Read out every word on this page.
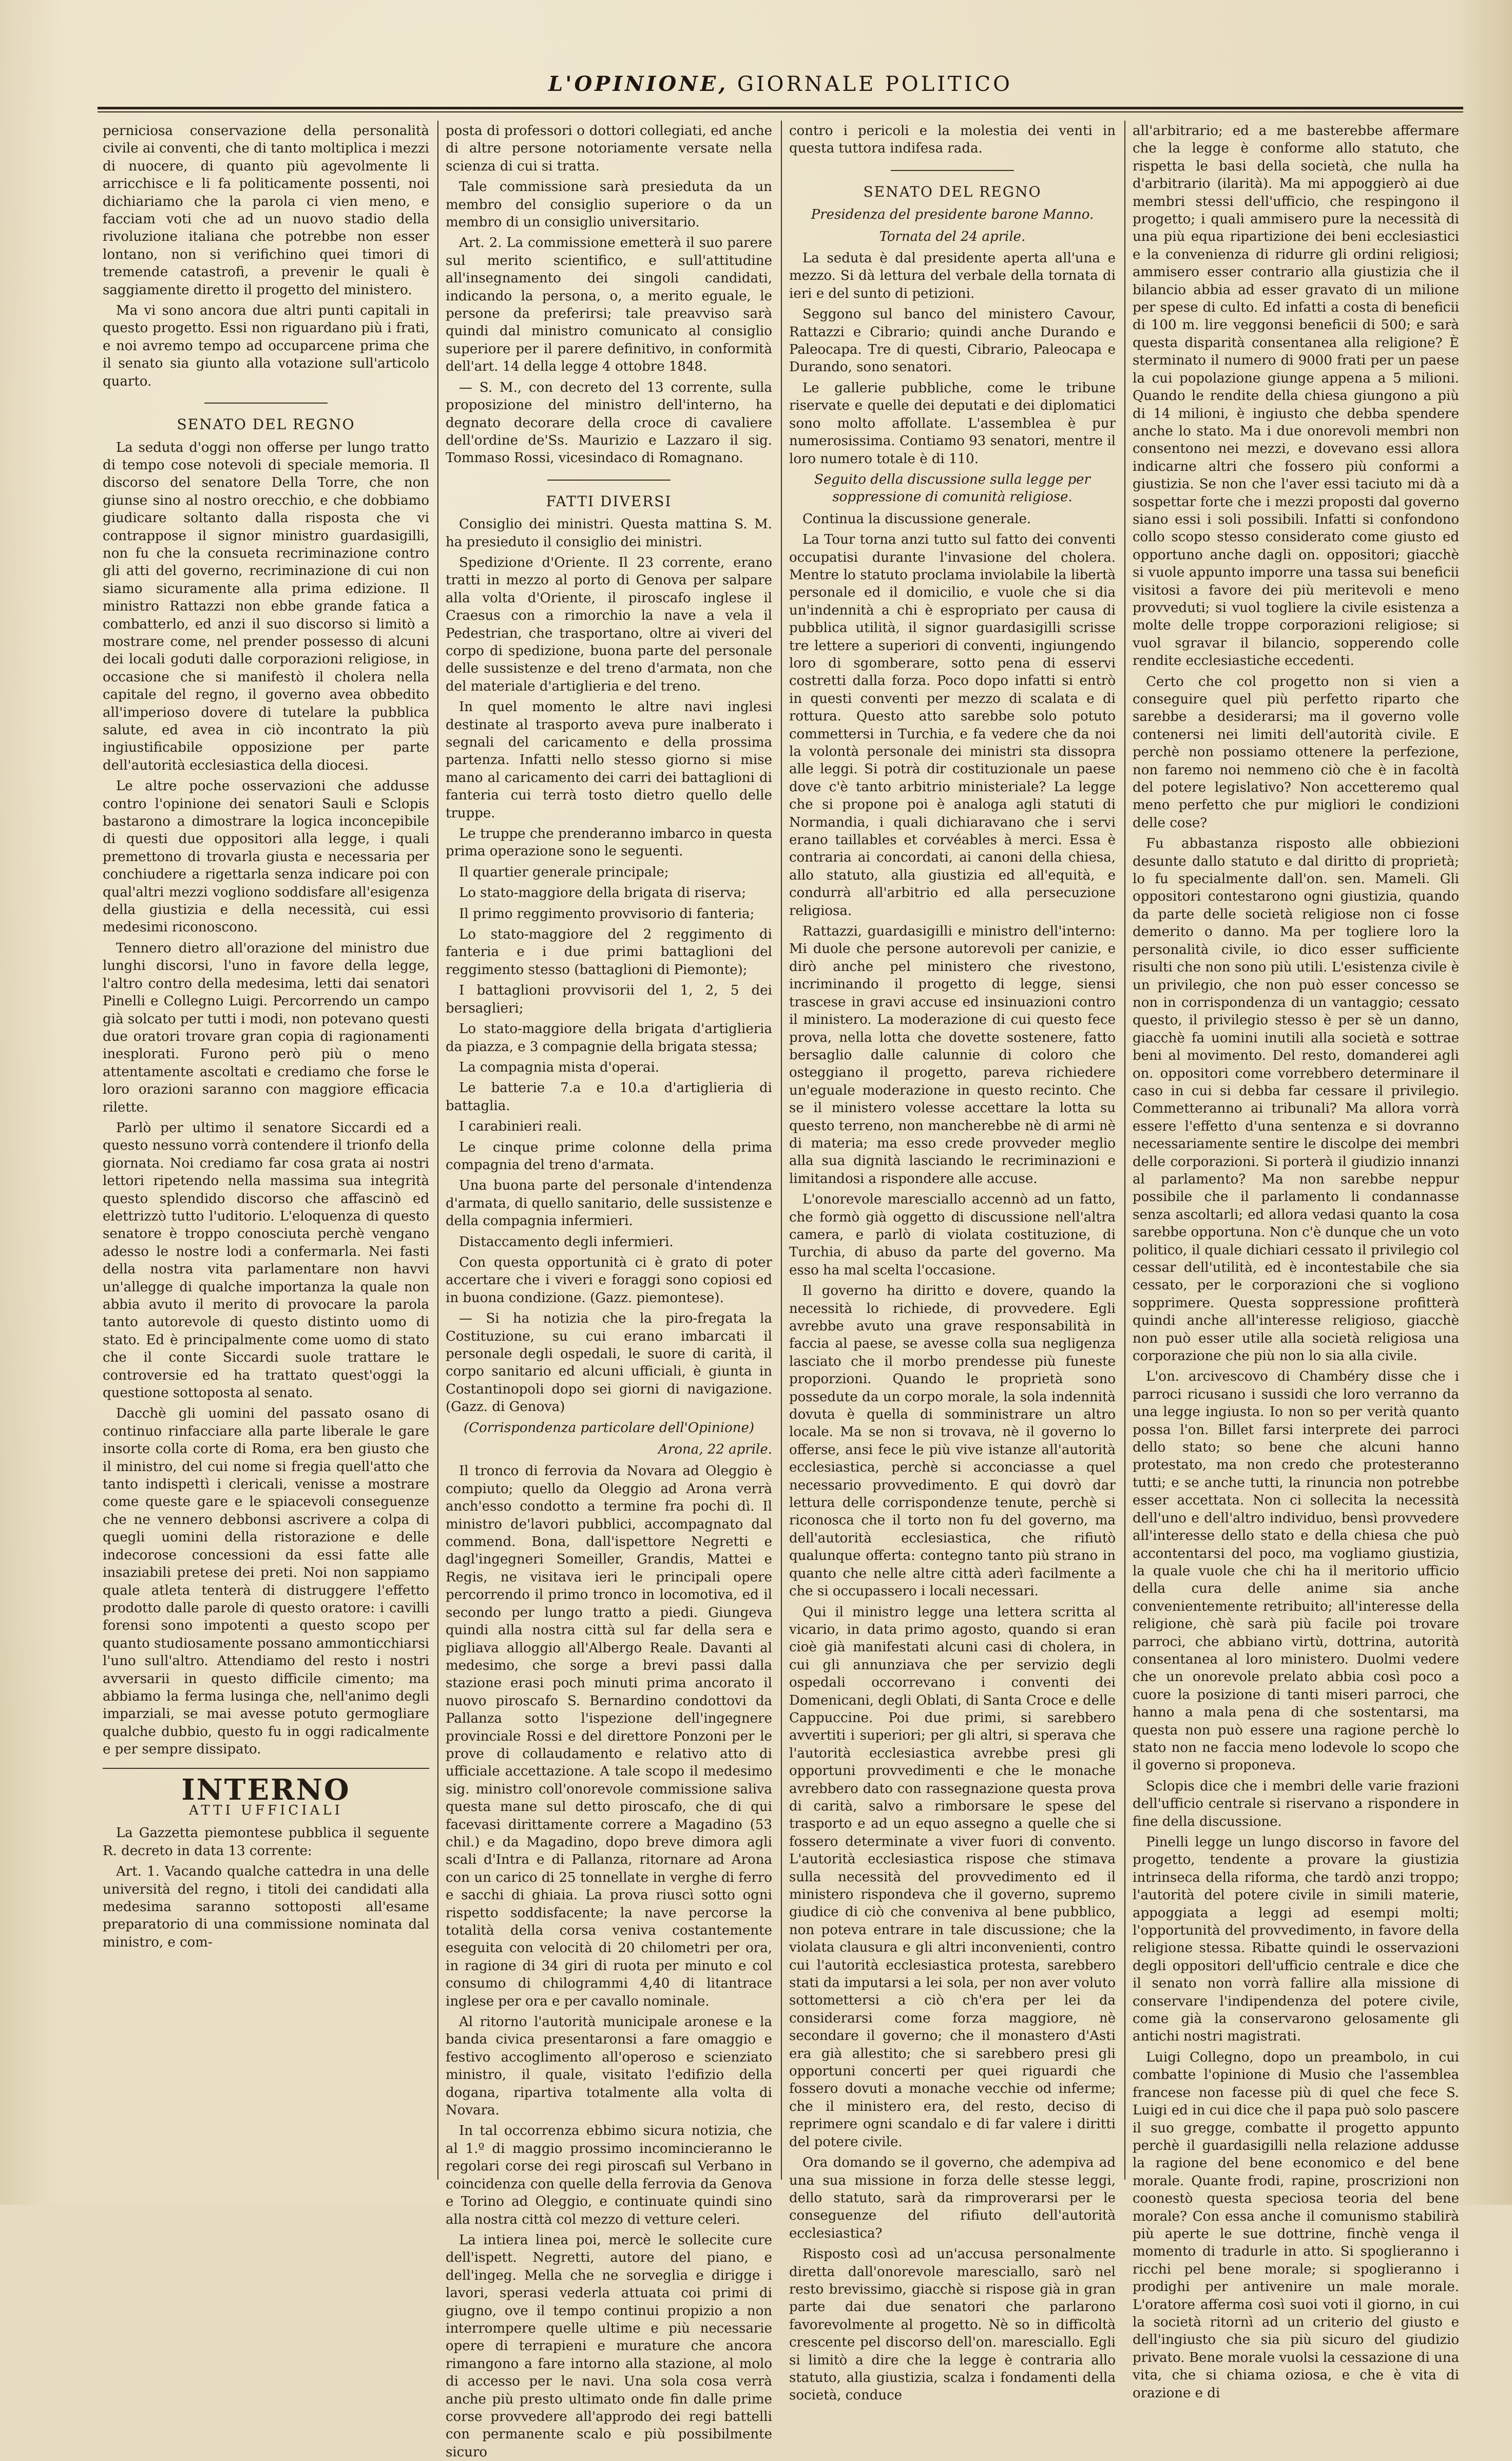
L'OPINIONE, GIORNALE POLITICO

perniciosa conservazione della personalità civile ai conventi, che di tanto moltiplica i mezzi di nuocere, di quanto più agevolmente li arricchisce e li fa politicamente possenti, noi dichiariamo che la parola ci vien meno, e facciam voti che ad un nuovo stadio della rivoluzione italiana che potrebbe non esser lontano, non si verifichino quei timori di tremende catastrofi, a prevenir le quali è saggiamente diretto il progetto del ministero.

Ma vi sono ancora due altri punti capitali in questo progetto. Essi non riguardano più i frati, e noi avremo tempo ad occuparcene prima che il senato sia giunto alla votazione sull'articolo quarto.

SENATO DEL REGNO

La seduta d'oggi non offerse per lungo tratto di tempo cose notevoli di speciale memoria. Il discorso del senatore Della Torre, che non giunse sino al nostro orecchio, e che dobbiamo giudicare soltanto dalla risposta che vi contrappose il signor ministro guardasigilli, non fu che la consueta recriminazione contro gli atti del governo, recriminazione di cui non siamo sicuramente alla prima edizione. Il ministro Rattazzi non ebbe grande fatica a combatterlo, ed anzi il suo discorso si limitò a mostrare come, nel prender possesso di alcuni dei locali goduti dalle corporazioni religiose, in occasione che si manifestò il cholera nella capitale del regno, il governo avea obbedito all'imperioso dovere di tutelare la pubblica salute, ed avea in ciò incontrato la più ingiustificabile opposizione per parte dell'autorità ecclesiastica della diocesi.

Le altre poche osservazioni che addusse contro l'opinione dei senatori Sauli e Sclopis bastarono a dimostrare la logica inconcepibile di questi due oppositori alla legge, i quali premettono di trovarla giusta e necessaria per conchiudere a rigettarla senza indicare poi con qual'altri mezzi vogliono soddisfare all'esigenza della giustizia e della necessità, cui essi medesimi riconoscono.

Tennero dietro all'orazione del ministro due lunghi discorsi, l'uno in favore della legge, l'altro contro della medesima, letti dai senatori Pinelli e Collegno Luigi. Percorrendo un campo già solcato per tutti i modi, non potevano questi due oratori trovare gran copia di ragionamenti inesplorati. Furono però più o meno attentamente ascoltati e crediamo che forse le loro orazioni saranno con maggiore efficacia rilette.

Parlò per ultimo il senatore Siccardi ed a questo nessuno vorrà contendere il trionfo della giornata. Noi crediamo far cosa grata ai nostri lettori ripetendo nella massima sua integrità questo splendido discorso che affascinò ed elettrizzò tutto l'uditorio. L'eloquenza di questo senatore è troppo conosciuta perchè vengano adesso le nostre lodi a confermarla. Nei fasti della nostra vita parlamentare non havvi un'allegge di qualche importanza la quale non abbia avuto il merito di provocare la parola tanto autorevole di questo distinto uomo di stato. Ed è principalmente come uomo di stato che il conte Siccardi suole trattare le controversie ed ha trattato quest'oggi la questione sottoposta al senato.

Dacchè gli uomini del passato osano di continuo rinfacciare alla parte liberale le gare insorte colla corte di Roma, era ben giusto che il ministro, del cui nome si fregia quell'atto che tanto indispettì i clericali, venisse a mostrare come queste gare e le spiacevoli conseguenze che ne vennero debbonsi ascrivere a colpa di quegli uomini della ristorazione e delle indecorose concessioni da essi fatte alle insaziabili pretese dei preti. Noi non sappiamo quale atleta tenterà di distruggere l'effetto prodotto dalle parole di questo oratore: i cavilli forensi sono impotenti a questo scopo per quanto studiosamente possano ammonticchiarsi l'uno sull'altro. Attendiamo del resto i nostri avversarii in questo difficile cimento; ma abbiamo la ferma lusinga che, nell'animo degli imparziali, se mai avesse potuto germogliare qualche dubbio, questo fu in oggi radicalmente e per sempre dissipato.

INTERNO
ATTI UFFICIALI

La Gazzetta piemontese pubblica il seguente R. decreto in data 13 corrente:

Art. 1. Vacando qualche cattedra in una delle università del regno, i titoli dei candidati alla medesima saranno sottoposti all'esame preparatorio di una commissione nominata dal ministro, e com-

posta di professori o dottori collegiati, ed anche di altre persone notoriamente versate nella scienza di cui si tratta.

Tale commissione sarà presieduta da un membro del consiglio superiore o da un membro di un consiglio universitario.

Art. 2. La commissione emetterà il suo parere sul merito scientifico, e sull'attitudine all'insegnamento dei singoli candidati, indicando la persona, o, a merito eguale, le persone da preferirsi; tale preavviso sarà quindi dal ministro comunicato al consiglio superiore per il parere definitivo, in conformità dell'art. 14 della legge 4 ottobre 1848.

— S. M., con decreto del 13 corrente, sulla proposizione del ministro dell'interno, ha degnato decorare della croce di cavaliere dell'ordine de'Ss. Maurizio e Lazzaro il sig. Tommaso Rossi, vicesindaco di Romagnano.

FATTI DIVERSI

Consiglio dei ministri. Questa mattina S. M. ha presieduto il consiglio dei ministri.

Spedizione d'Oriente. Il 23 corrente, erano tratti in mezzo al porto di Genova per salpare alla volta d'Oriente, il piroscafo inglese il Craesus con a rimorchio la nave a vela il Pedestrian, che trasportano, oltre ai viveri del corpo di spedizione, buona parte del personale delle sussistenze e del treno d'armata, non che del materiale d'artiglieria e del treno.

In quel momento le altre navi inglesi destinate al trasporto aveva pure inalberato i segnali del caricamento e della prossima partenza. Infatti nello stesso giorno si mise mano al caricamento dei carri dei battaglioni di fanteria cui terrà tosto dietro quello delle truppe.

Le truppe che prenderanno imbarco in questa prima operazione sono le seguenti.

Il quartier generale principale;

Lo stato-maggiore della brigata di riserva;

Il primo reggimento provvisorio di fanteria;

Lo stato-maggiore del 2 reggimento di fanteria e i due primi battaglioni del reggimento stesso (battaglioni di Piemonte);

I battaglioni provvisorii del 1, 2, 5 dei bersaglieri;

Lo stato-maggiore della brigata d'artiglieria da piazza, e 3 compagnie della brigata stessa;

La compagnia mista d'operai.

Le batterie 7.a e 10.a d'artiglieria di battaglia.

I carabinieri reali.

Le cinque prime colonne della prima compagnia del treno d'armata.

Una buona parte del personale d'intendenza d'armata, di quello sanitario, delle sussistenze e della compagnia infermieri.

Distaccamento degli infermieri.

Con questa opportunità ci è grato di poter accertare che i viveri e foraggi sono copiosi ed in buona condizione. (Gazz. piemontese).

— Si ha notizia che la piro-fregata la Costituzione, su cui erano imbarcati il personale degli ospedali, le suore di carità, il corpo sanitario ed alcuni ufficiali, è giunta in Costantinopoli dopo sei giorni di navigazione. (Gazz. di Genova)

(Corrispondenza particolare dell'Opinione)
Arona, 22 aprile.

Il tronco di ferrovia da Novara ad Oleggio è compiuto; quello da Oleggio ad Arona verrà anch'esso condotto a termine fra pochi dì. Il ministro de'lavori pubblici, accompagnato dal commend. Bona, dall'ispettore Negretti e dagl'ingegneri Someiller, Grandis, Mattei e Regis, ne visitava ieri le principali opere percorrendo il primo tronco in locomotiva, ed il secondo per lungo tratto a piedi. Giungeva quindi alla nostra città sul far della sera e pigliava alloggio all'Albergo Reale. Davanti al medesimo, che sorge a brevi passi dalla stazione erasi poch minuti prima ancorato il nuovo piroscafo S. Bernardino condottovi da Pallanza sotto l'ispezione dell'ingegnere provinciale Rossi e del direttore Ponzoni per le prove di collaudamento e relativo atto di ufficiale accettazione. A tale scopo il medesimo sig. ministro coll'onorevole commissione saliva questa mane sul detto piroscafo, che di qui facevasi dirittamente correre a Magadino (53 chil.) e da Magadino, dopo breve dimora agli scali d'Intra e di Pallanza, ritornare ad Arona con un carico di 25 tonnellate in verghe di ferro e sacchi di ghiaia. La prova riuscì sotto ogni rispetto soddisfacente; la nave percorse la totalità della corsa veniva costantemente eseguita con velocità di 20 chilometri per ora, in ragione di 34 giri di ruota per minuto e col consumo di chilogrammi 4,40 di litantrace inglese per ora e per cavallo nominale.

Al ritorno l'autorità municipale aronese e la banda civica presentaronsi a fare omaggio e festivo accoglimento all'operoso e scienziato ministro, il quale, visitato l'edifizio della dogana, ripartiva totalmente alla volta di Novara.

In tal occorrenza ebbimo sicura notizia, che al 1.º di maggio prossimo incomincieranno le regolari corse dei regi piroscafi sul Verbano in coincidenza con quelle della ferrovia da Genova e Torino ad Oleggio, e continuate quindi sino alla nostra città col mezzo di vetture celeri.

La intiera linea poi, mercè le sollecite cure dell'ispett. Negretti, autore del piano, e dell'ingeg. Mella che ne sorveglia e dirigge i lavori, sperasi vederla attuata coi primi di giugno, ove il tempo continui propizio a non interrompere quelle ultime e più necessarie opere di terrapieni e murature che ancora rimangono a fare intorno alla stazione, al molo di accesso per le navi. Una sola cosa verrà anche più presto ultimato onde fin dalle prime corse provvedere all'approdo dei regi battelli con permanente scalo e più possibilmente sicuro

contro i pericoli e la molestia dei venti in questa tuttora indifesa rada.

SENATO DEL REGNO
Presidenza del presidente barone Manno.
Tornata del 24 aprile.

La seduta è dal presidente aperta all'una e mezzo. Si dà lettura del verbale della tornata di ieri e del sunto di petizioni.

Seggono sul banco del ministero Cavour, Rattazzi e Cibrario; quindi anche Durando e Paleocapa. Tre di questi, Cibrario, Paleocapa e Durando, sono senatori.

Le gallerie pubbliche, come le tribune riservate e quelle dei deputati e dei diplomatici sono molto affollate. L'assemblea è pur numerosissima. Contiamo 93 senatori, mentre il loro numero totale è di 110.

Seguito della discussione sulla legge per soppressione di comunità religiose.

Continua la discussione generale.

La Tour torna anzi tutto sul fatto dei conventi occupatisi durante l'invasione del cholera. Mentre lo statuto proclama inviolabile la libertà personale ed il domicilio, e vuole che si dia un'indennità a chi è espropriato per causa di pubblica utilità, il signor guardasigilli scrisse tre lettere a superiori di conventi, ingiungendo loro di sgomberare, sotto pena di esservi costretti dalla forza. Poco dopo infatti si entrò in questi conventi per mezzo di scalata e di rottura. Questo atto sarebbe solo potuto commettersi in Turchia, e fa vedere che da noi la volontà personale dei ministri sta dissopra alle leggi. Si potrà dir costituzionale un paese dove c'è tanto arbitrio ministeriale? La legge che si propone poi è analoga agli statuti di Normandia, i quali dichiaravano che i servi erano taillables et corvéables à merci. Essa è contraria ai concordati, ai canoni della chiesa, allo statuto, alla giustizia ed all'equità, e condurrà all'arbitrio ed alla persecuzione religiosa.

Rattazzi, guardasigilli e ministro dell'interno: Mi duole che persone autorevoli per canizie, e dirò anche pel ministero che rivestono, incriminando il progetto di legge, siensi trascese in gravi accuse ed insinuazioni contro il ministero. La moderazione di cui questo fece prova, nella lotta che dovette sostenere, fatto bersaglio dalle calunnie di coloro che osteggiano il progetto, pareva richiedere un'eguale moderazione in questo recinto. Che se il ministero volesse accettare la lotta su questo terreno, non mancherebbe nè di armi nè di materia; ma esso crede provveder meglio alla sua dignità lasciando le recriminazioni e limitandosi a rispondere alle accuse.

L'onorevole maresciallo accennò ad un fatto, che formò già oggetto di discussione nell'altra camera, e parlò di violata costituzione, di Turchia, di abuso da parte del governo. Ma esso ha mal scelta l'occasione.

Il governo ha diritto e dovere, quando la necessità lo richiede, di provvedere. Egli avrebbe avuto una grave responsabilità in faccia al paese, se avesse colla sua negligenza lasciato che il morbo prendesse più funeste proporzioni. Quando le proprietà sono possedute da un corpo morale, la sola indennità dovuta è quella di somministrare un altro locale. Ma se non si trovava, nè il governo lo offerse, ansi fece le più vive istanze all'autorità ecclesiastica, perchè si acconciasse a quel necessario provvedimento. E qui dovrò dar lettura delle corrispondenze tenute, perchè si riconosca che il torto non fu del governo, ma dell'autorità ecclesiastica, che rifiutò qualunque offerta: contegno tanto più strano in quanto che nelle altre città aderì facilmente a che si occupassero i locali necessari.

Qui il ministro legge una lettera scritta al vicario, in data primo agosto, quando si eran cioè già manifestati alcuni casi di cholera, in cui gli annunziava che per servizio degli ospedali occorrevano i conventi dei Domenicani, degli Oblati, di Santa Croce e delle Cappuccine. Poi due primi, si sarebbero avvertiti i superiori; per gli altri, si sperava che l'autorità ecclesiastica avrebbe presi gli opportuni provvedimenti e che le monache avrebbero dato con rassegnazione questa prova di carità, salvo a rimborsare le spese del trasporto e ad un equo assegno a quelle che si fossero determinate a viver fuori di convento. L'autorità ecclesiastica rispose che stimava sulla necessità del provvedimento ed il ministero rispondeva che il governo, supremo giudice di ciò che conveniva al bene pubblico, non poteva entrare in tale discussione; che la violata clausura e gli altri inconvenienti, contro cui l'autorità ecclesiastica protesta, sarebbero stati da imputarsi a lei sola, per non aver voluto sottomettersi a ciò ch'era per lei da considerarsi come forza maggiore, nè secondare il governo; che il monastero d'Asti era già allestito; che si sarebbero presi gli opportuni concerti per quei riguardi che fossero dovuti a monache vecchie od inferme; che il ministero era, del resto, deciso di reprimere ogni scandalo e di far valere i diritti del potere civile.

Ora domando se il governo, che adempiva ad una sua missione in forza delle stesse leggi, dello statuto, sarà da rimproverarsi per le conseguenze del rifiuto dell'autorità ecclesiastica?

Risposto così ad un'accusa personalmente diretta dall'onorevole maresciallo, sarò nel resto brevissimo, giacchè si rispose già in gran parte dai due senatori che parlarono favorevolmente al progetto. Nè so in difficoltà crescente pel discorso dell'on. maresciallo. Egli si limitò a dire che la legge è contraria allo statuto, alla giustizia, scalza i fondamenti della società, conduce

all'arbitrario; ed a me basterebbe affermare che la legge è conforme allo statuto, che rispetta le basi della società, che nulla ha d'arbitrario (ilarità). Ma mi appoggierò ai due membri stessi dell'ufficio, che respingono il progetto; i quali ammisero pure la necessità di una più equa ripartizione dei beni ecclesiastici e la convenienza di ridurre gli ordini religiosi; ammisero esser contrario alla giustizia che il bilancio abbia ad esser gravato di un milione per spese di culto. Ed infatti a costa di beneficii di 100 m. lire veggonsi beneficii di 500; e sarà questa disparità consentanea alla religione? È sterminato il numero di 9000 frati per un paese la cui popolazione giunge appena a 5 milioni. Quando le rendite della chiesa giungono a più di 14 milioni, è ingiusto che debba spendere anche lo stato. Ma i due onorevoli membri non consentono nei mezzi, e dovevano essi allora indicarne altri che fossero più conformi a giustizia. Se non che l'aver essi taciuto mi dà a sospettar forte che i mezzi proposti dal governo siano essi i soli possibili. Infatti si confondono collo scopo stesso considerato come giusto ed opportuno anche dagli on. oppositori; giacchè si vuole appunto imporre una tassa sui beneficii visitosi a favore dei più meritevoli e meno provveduti; si vuol togliere la civile esistenza a molte delle troppe corporazioni religiose; si vuol sgravar il bilancio, sopperendo colle rendite ecclesiastiche eccedenti.

Certo che col progetto non si vien a conseguire quel più perfetto riparto che sarebbe a desiderarsi; ma il governo volle contenersi nei limiti dell'autorità civile. E perchè non possiamo ottenere la perfezione, non faremo noi nemmeno ciò che è in facoltà del potere legislativo? Non accetteremo qual meno perfetto che pur migliori le condizioni delle cose?

Fu abbastanza risposto alle obbiezioni desunte dallo statuto e dal diritto di proprietà; lo fu specialmente dall'on. sen. Mameli. Gli oppositori contestarono ogni giustizia, quando da parte delle società religiose non ci fosse demerito o danno. Ma per togliere loro la personalità civile, io dico esser sufficiente risulti che non sono più utili. L'esistenza civile è un privilegio, che non può esser concesso se non in corrispondenza di un vantaggio; cessato questo, il privilegio stesso è per sè un danno, giacchè fa uomini inutili alla società e sottrae beni al movimento. Del resto, domanderei agli on. oppositori come vorrebbero determinare il caso in cui si debba far cessare il privilegio. Commetteranno ai tribunali? Ma allora vorrà essere l'effetto d'una sentenza e si dovranno necessariamente sentire le discolpe dei membri delle corporazioni. Si porterà il giudizio innanzi al parlamento? Ma non sarebbe neppur possibile che il parlamento li condannasse senza ascoltarli; ed allora vedasi quanto la cosa sarebbe opportuna. Non c'è dunque che un voto politico, il quale dichiari cessato il privilegio col cessar dell'utilità, ed è incontestabile che sia cessato, per le corporazioni che si vogliono sopprimere. Questa soppressione profitterà quindi anche all'interesse religioso, giacchè non può esser utile alla società religiosa una corporazione che più non lo sia alla civile.

L'on. arcivescovo di Chambéry disse che i parroci ricusano i sussidi che loro verranno da una legge ingiusta. Io non so per verità quanto possa l'on. Billet farsi interprete dei parroci dello stato; so bene che alcuni hanno protestato, ma non credo che protesteranno tutti; e se anche tutti, la rinuncia non potrebbe esser accettata. Non ci sollecita la necessità dell'uno e dell'altro individuo, bensì provvedere all'interesse dello stato e della chiesa che può accontentarsi del poco, ma vogliamo giustizia, la quale vuole che chi ha il meritorio ufficio della cura delle anime sia anche convenientemente retribuito; all'interesse della religione, chè sarà più facile poi trovare parroci, che abbiano virtù, dottrina, autorità consentanea al loro ministero. Duolmi vedere che un onorevole prelato abbia così poco a cuore la posizione di tanti miseri parroci, che hanno a mala pena di che sostentarsi, ma questa non può essere una ragione perchè lo stato non ne faccia meno lodevole lo scopo che il governo si proponeva.

Sclopis dice che i membri delle varie frazioni dell'ufficio centrale si riservano a rispondere in fine della discussione.

Pinelli legge un lungo discorso in favore del progetto, tendente a provare la giustizia intrinseca della riforma, che tardò anzi troppo; l'autorità del potere civile in simili materie, appoggiata a leggi ad esempi molti; l'opportunità del provvedimento, in favore della religione stessa. Ribatte quindi le osservazioni degli oppositori dell'ufficio centrale e dice che il senato non vorrà fallire alla missione di conservare l'indipendenza del potere civile, come già la conservarono gelosamente gli antichi nostri magistrati.

Luigi Collegno, dopo un preambolo, in cui combatte l'opinione di Musio che l'assemblea francese non facesse più di quel che fece S. Luigi ed in cui dice che il papa può solo pascere il suo gregge, combatte il progetto appunto perchè il guardasigilli nella relazione addusse la ragione del bene economico e del bene morale. Quante frodi, rapine, proscrizioni non coonestò questa speciosa teoria del bene morale? Con essa anche il comunismo stabilirà più aperte le sue dottrine, finchè venga il momento di tradurle in atto. Si spoglieranno i ricchi pel bene morale; si spoglieranno i prodighi per antivenire un male morale. L'oratore afferma così suoi voti il giorno, in cui la società ritornì ad un criterio del giusto e dell'ingiusto che sia più sicuro del giudizio privato. Bene morale vuolsi la cessazione di una vita, che si chiama oziosa, e che è vita di orazione e di
